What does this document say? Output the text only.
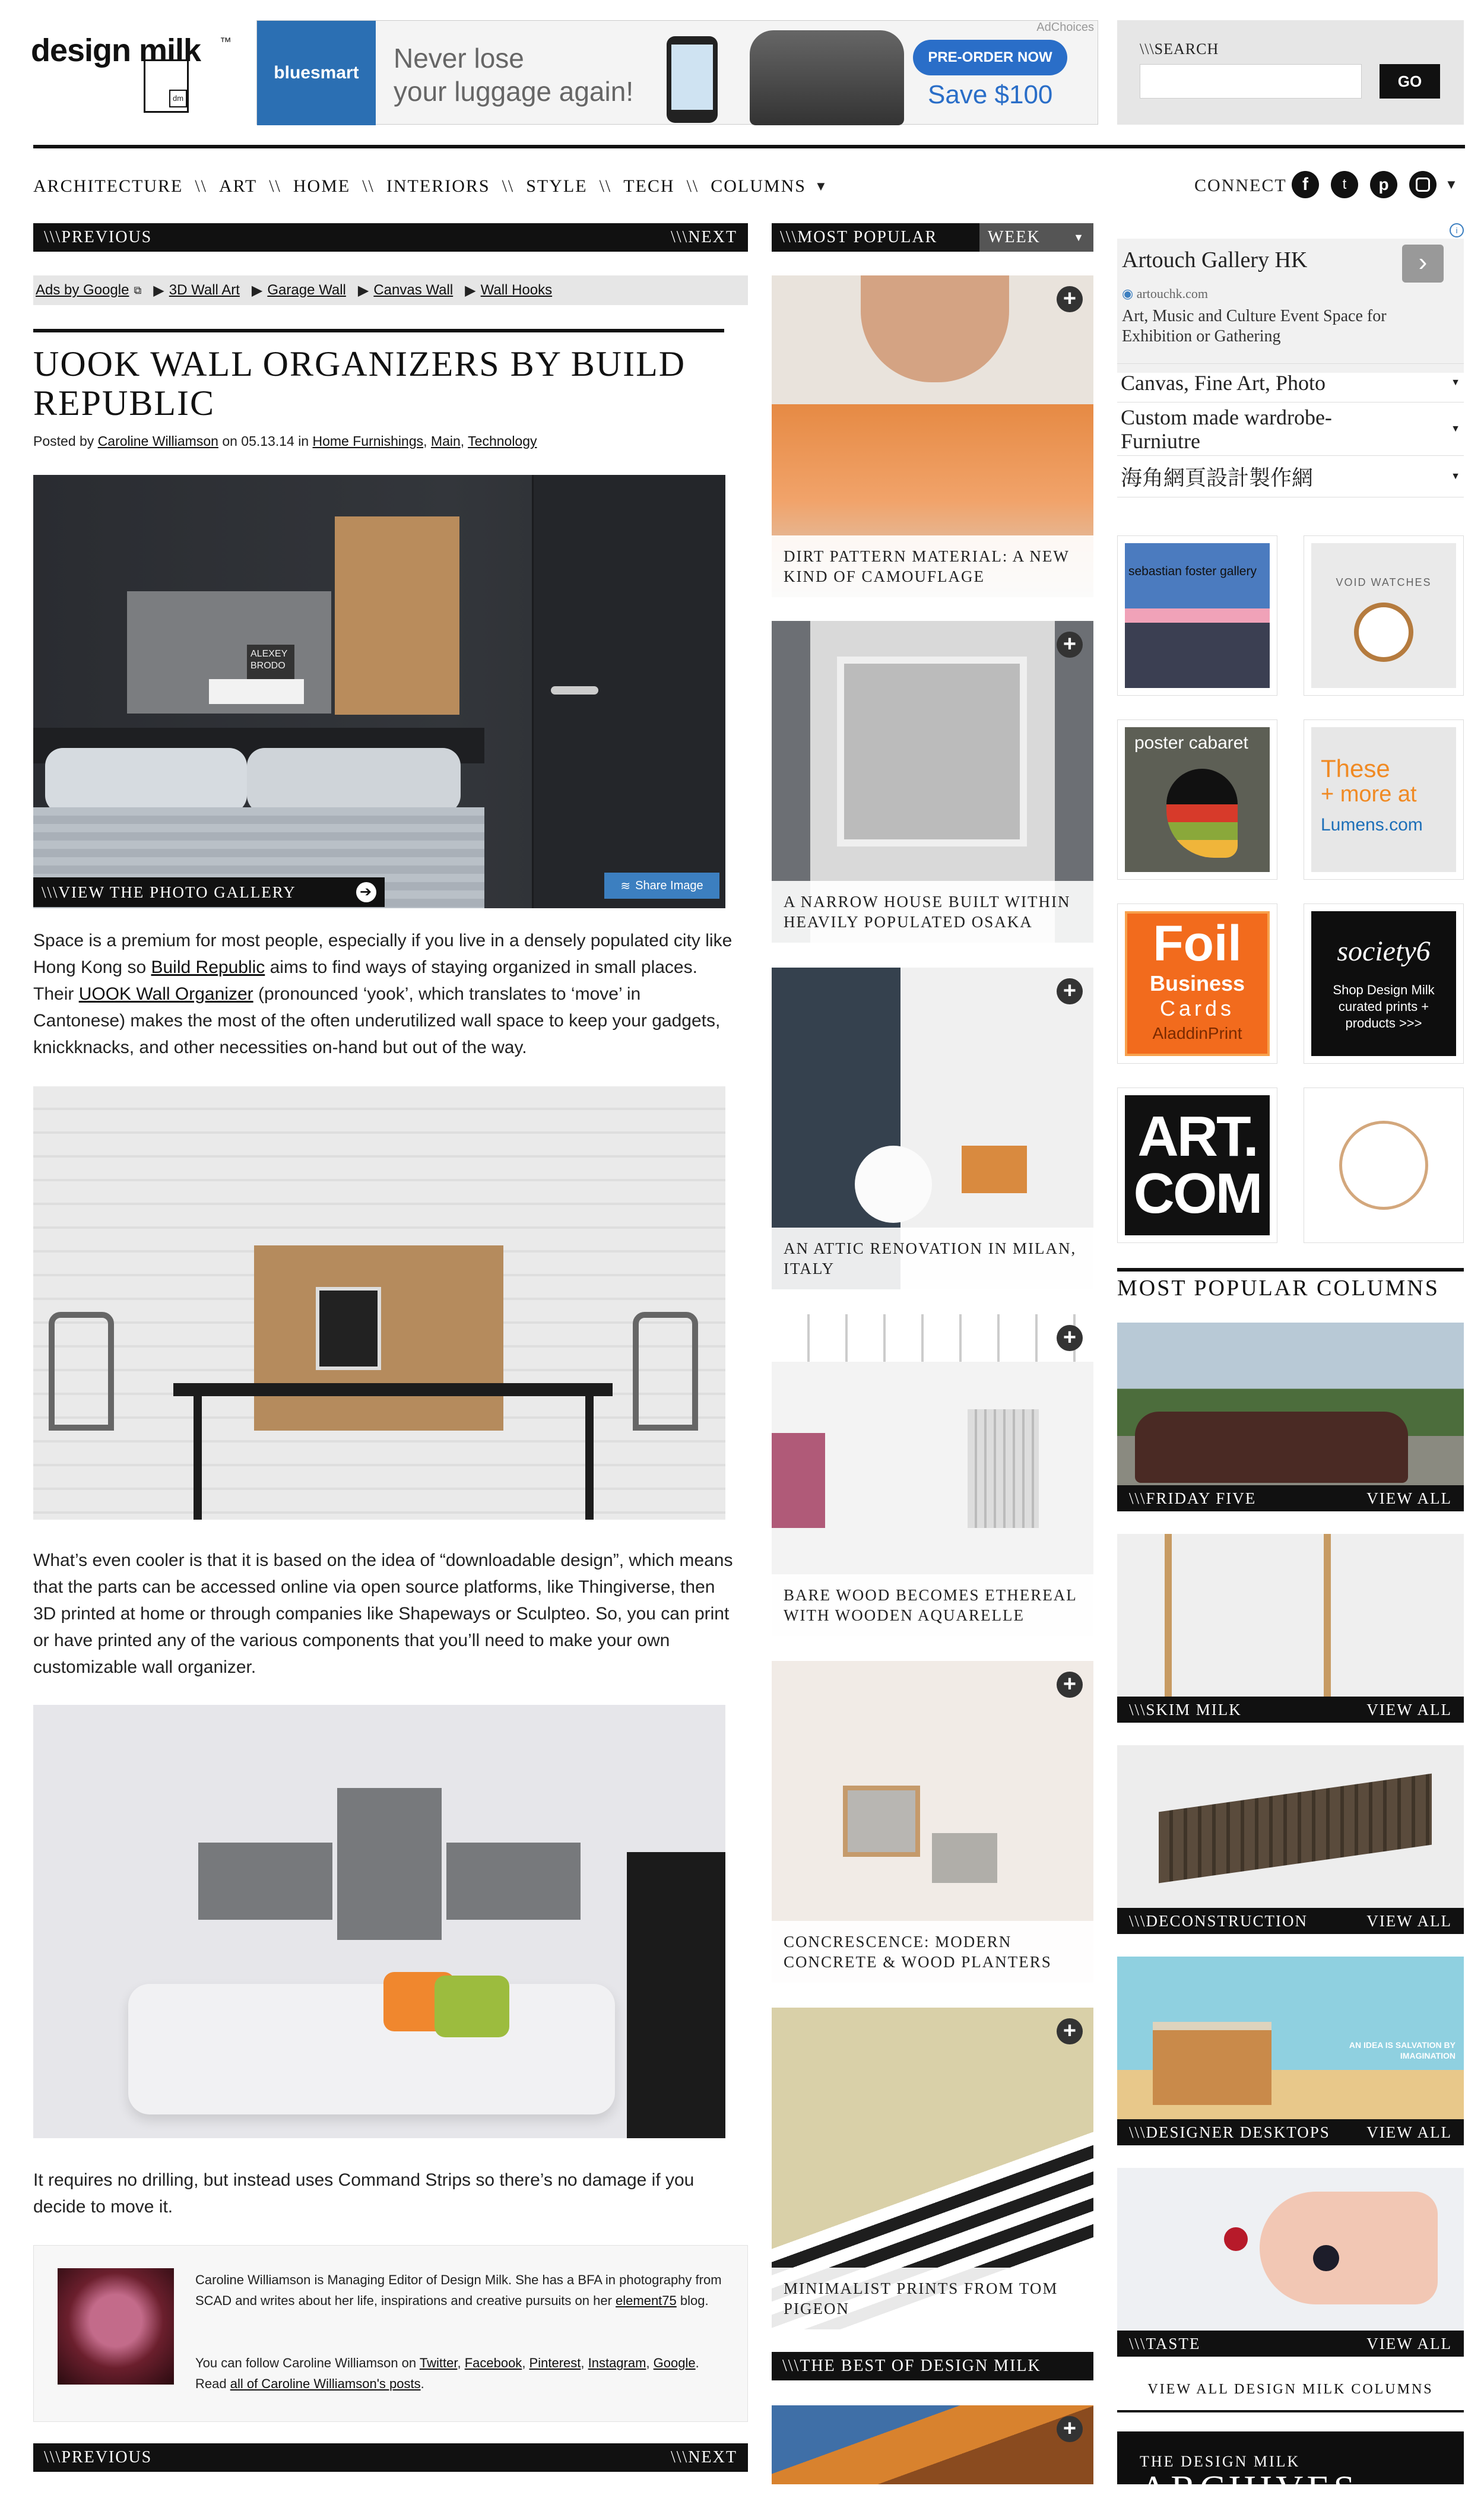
design milk ™
dm
bluesmart	Never lose
your luggage again!
AdChoices
PRE-ORDER NOW
Save $100
\\\SEARCH
GO
ARCHITECTURE \\ ART \\ HOME \\ INTERIORS \\ STYLE \\ TECH \\ COLUMNS ▼	CONNECT f	t	p	▼
\\\PREVIOUS	\\\NEXT
Ads by Google ⧉ ▶ 3D Wall Art ▶ Garage Wall ▶ Canvas Wall ▶ Wall Hooks
UOOK WALL ORGANIZERS BY BUILD REPUBLIC
Posted by Caroline Williamson on 05.13.14 in Home Furnishings, Main, Technology
ALEXEY BRODO
\\\VIEW THE PHOTO GALLERY	➔	≋ Share Image

Space is a premium for most people, especially if you live in a densely populated city like Hong Kong so Build Republic aims to find ways of staying organized in small places. Their UOOK Wall Organizer (pronounced ‘yook’, which translates to ‘move’ in Cantonese) makes the most of the often underutilized wall space to keep your gadgets, knickknacks, and other necessities on-hand but out of the way.

What’s even cooler is that it is based on the idea of “downloadable design”, which means that the parts can be accessed online via open source platforms, like Thingiverse, then 3D printed at home or through companies like Shapeways or Sculpteo. So, you can print or have printed any of the various components that you’ll need to make your own customizable wall organizer.

It requires no drilling, but instead uses Command Strips so there’s no damage if you decide to move it.

Caroline Williamson is Managing Editor of Design Milk. She has a BFA in photography from SCAD and writes about her life, inspirations and creative pursuits on her element75 blog.

You can follow Caroline Williamson on Twitter, Facebook, Pinterest, Instagram, Google. Read all of Caroline Williamson's posts.

\\\PREVIOUS	\\\NEXT
\\\MOST POPULAR	WEEK	▼
+
DIRT PATTERN MATERIAL: A NEW KIND OF CAMOUFLAGE
+
A NARROW HOUSE BUILT WITHIN HEAVILY POPULATED OSAKA
+
AN ATTIC RENOVATION IN MILAN, ITALY
+
BARE WOOD BECOMES ETHEREAL WITH WOODEN AQUARELLE
+
CONCRESCENCE: MODERN CONCRETE & WOOD PLANTERS
+
MINIMALIST PRINTS FROM TOM PIGEON
\\\THE BEST OF DESIGN MILK
+
i
Artouch Gallery HK	›
◉ artouchk.com
Art, Music and Culture Event Space for Exhibition or Gathering
Canvas, Fine Art, Photo	▼
Custom made wardrobe-Furniutre
▼
海角網頁設計製作網	▼
sebastian foster gallery
VOID WATCHES
poster cabaret
These
+ more at
Lumens.com
Foil
Business
Cards
AladdinPrint
society6
Shop Design Milk curated prints + products >>>
ART.
COM
MOST POPULAR COLUMNS
\\\FRIDAY FIVE	VIEW ALL
\\\SKIM MILK	VIEW ALL
\\\DECONSTRUCTION	VIEW ALL
AN IDEA IS SALVATION BY IMAGINATION
\\\DESIGNER DESKTOPS VIEW ALL
\\\TASTE	VIEW ALL
VIEW ALL DESIGN MILK COLUMNS
THE DESIGN MILK
ARCHIVES
